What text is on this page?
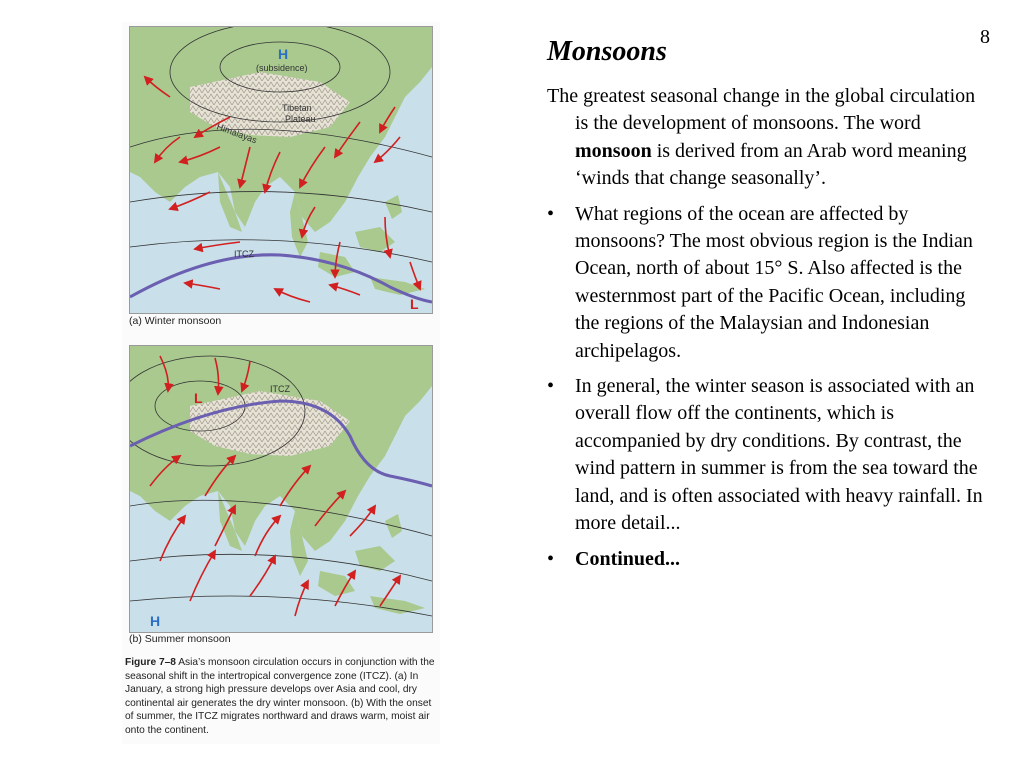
8
H
(subsidence)
Tibetan
Plateau
Himalayas
ITCZ
L
(a) Winter monsoon
L
ITCZ
H
(b) Summer monsoon
Figure 7–8 Asia’s monsoon circulation occurs in conjunction with the seasonal shift in the intertropical convergence zone (ITCZ). (a) In January, a strong high pressure develops over Asia and cool, dry continental air generates the dry winter monsoon. (b) With the onset of summer, the ITCZ migrates northward and draws warm, moist air onto the continent.
Monsoons
The greatest seasonal change in the global circulation is the development of monsoons. The word monsoon is derived from an Arab word meaning ‘winds that change seasonally’.
•	What regions of the ocean are affected by monsoons? The most obvious region is the Indian Ocean, north of about 15° S. Also affected is the westernmost part of the Pacific Ocean, including the regions of the Malaysian and Indonesian archipelagos.
•	In general, the winter season is associated with an overall flow off the continents, which is accompanied by dry conditions. By contrast, the wind pattern in summer is from the sea toward the land, and is often associated with heavy rainfall. In more detail...
•	Continued...
